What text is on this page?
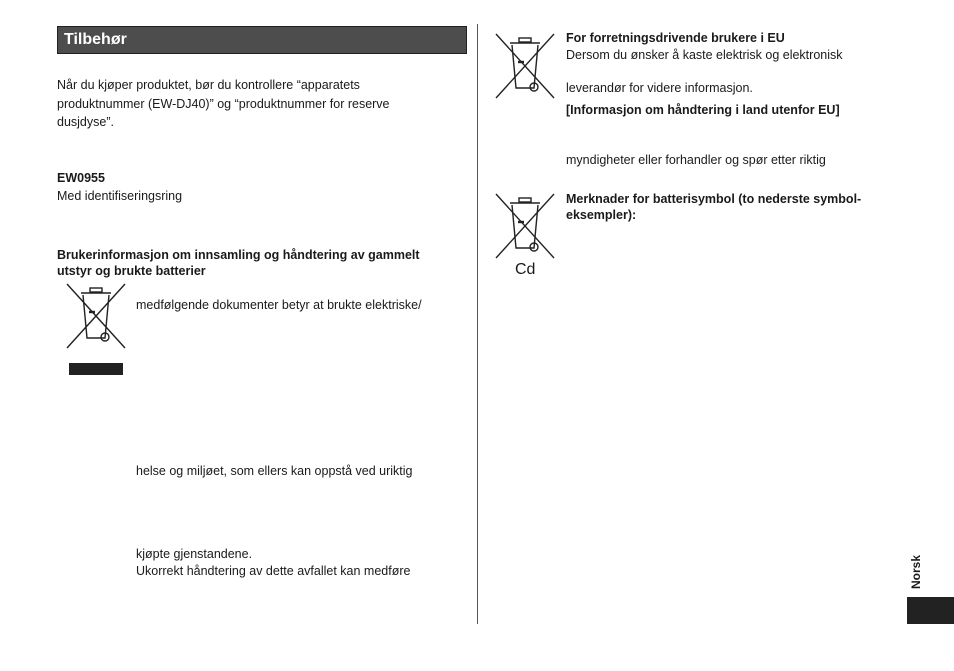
Tilbehør
Når du kjøper produktet, bør du kontrollere “apparatets
produktnummer (EW-DJ40)” og “produktnummer for reserve
dusjdyse”.
EW0955
Med identifiseringsring
Brukerinformasjon om innsamling og håndtering av gammelt
utstyr og brukte batterier
medfølgende dokumenter betyr at brukte elektriske/
helse og miljøet, som ellers kan oppstå ved uriktig
kjøpte gjenstandene.
Ukorrekt håndtering av dette avfallet kan medføre
For forretningsdrivende brukere i EU
Dersom du ønsker å kaste elektrisk og elektronisk
leverandør for videre informasjon.
[Informasjon om håndtering i land utenfor EU]
myndigheter eller forhandler og spør etter riktig
Cd
Merknader for batterisymbol (to nederste symbol-
eksempler):
Norsk
